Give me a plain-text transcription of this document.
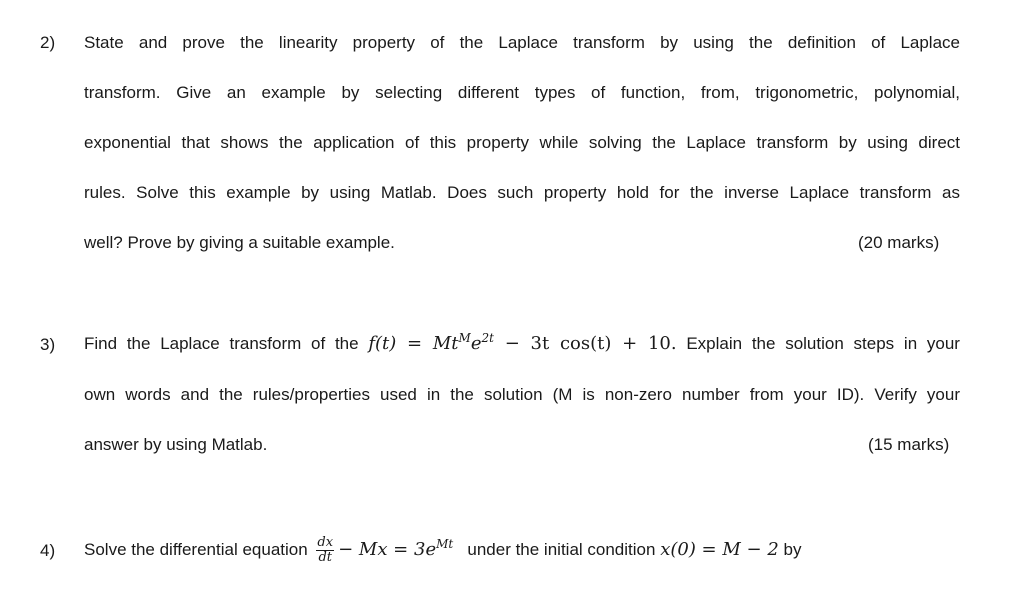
2) State and prove the linearity property of the Laplace transform by using the definition of Laplace
transform. Give an example by selecting different types of function, from, trigonometric, polynomial,
exponential that shows the application of this property while solving the Laplace transform by using direct
rules. Solve this example by using Matlab. Does such property hold for the inverse Laplace transform as
well? Prove by giving a suitable example.	(20 marks)
3) Find the Laplace transform of the $f(t) = Mt^Me^{2t} - 3t$ cos(t) + 10. Explain the solution steps in your
own words and the rules/properties used in the solution (M is non-zero number from your ID). Verify your
answer by using Matlab.	(15 marks)
4) Solve the differential equation $\frac{dx}{dt} - Mx = 3e^{Mt}$ under the initial condition x(0) = M − 2 by
